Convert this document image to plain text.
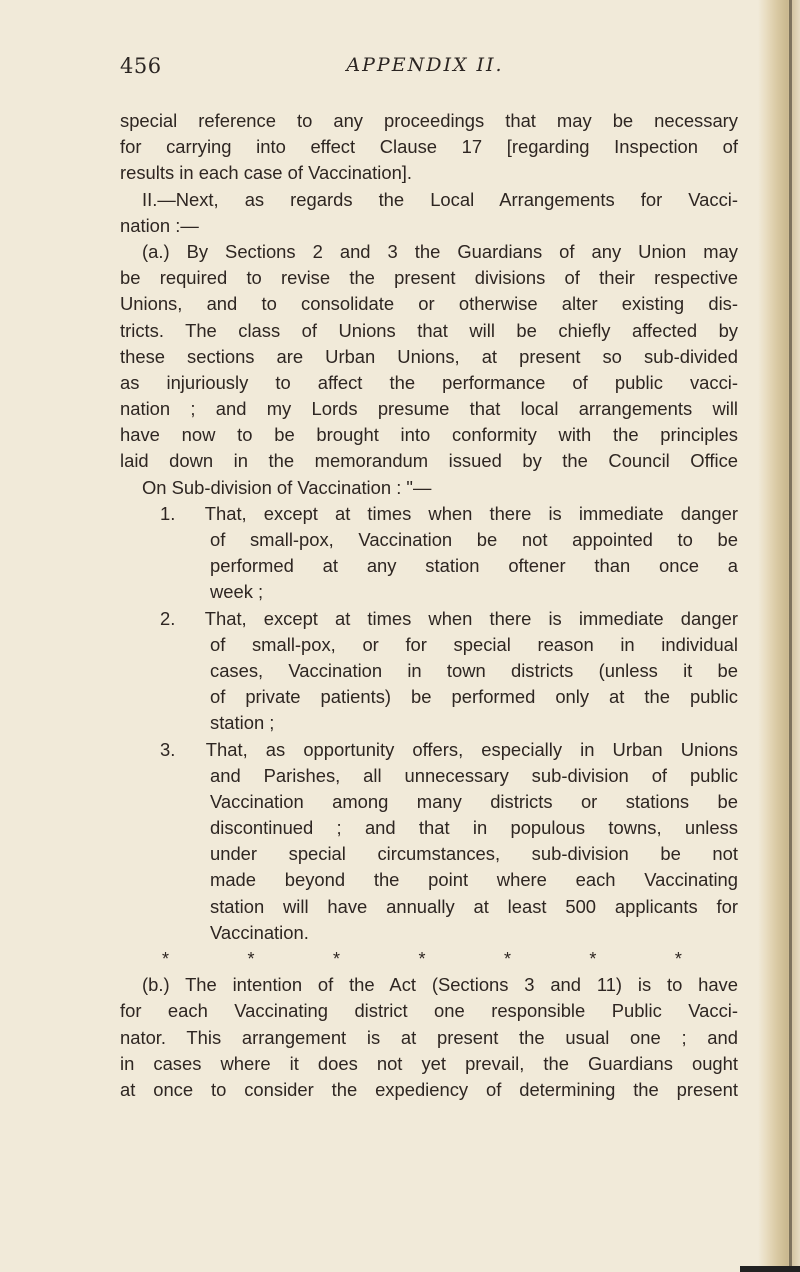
456	APPENDIX II.
special reference to any proceedings that may be necessary
for carrying into effect Clause 17 [regarding Inspection of
results in each case of Vaccination].
II.—Next, as regards the Local Arrangements for Vacci-
nation :—
(a.) By Sections 2 and 3 the Guardians of any Union may
be required to revise the present divisions of their respective
Unions, and to consolidate or otherwise alter existing dis-
tricts. The class of Unions that will be chiefly affected by
these sections are Urban Unions, at present so sub-divided
as injuriously to affect the performance of public vacci-
nation ; and my Lords presume that local arrangements will
have now to be brought into conformity with the principles
laid down in the memorandum issued by the Council Office
On Sub-division of Vaccination : "—
1. That, except at times when there is immediate danger
of small-pox, Vaccination be not appointed to be
performed at any station oftener than once a
week ;
2. That, except at times when there is immediate danger
of small-pox, or for special reason in individual
cases, Vaccination in town districts (unless it be
of private patients) be performed only at the public
station ;
3. That, as opportunity offers, especially in Urban Unions
and Parishes, all unnecessary sub-division of public
Vaccination among many districts or stations be
discontinued ; and that in populous towns, unless
under special circumstances, sub-division be not
made beyond the point where each Vaccinating
station will have annually at least 500 applicants for
Vaccination.
*	*	*	*	*	*	*
(b.) The intention of the Act (Sections 3 and 11) is to have
for each Vaccinating district one responsible Public Vacci-
nator. This arrangement is at present the usual one ; and
in cases where it does not yet prevail, the Guardians ought
at once to consider the expediency of determining the present
